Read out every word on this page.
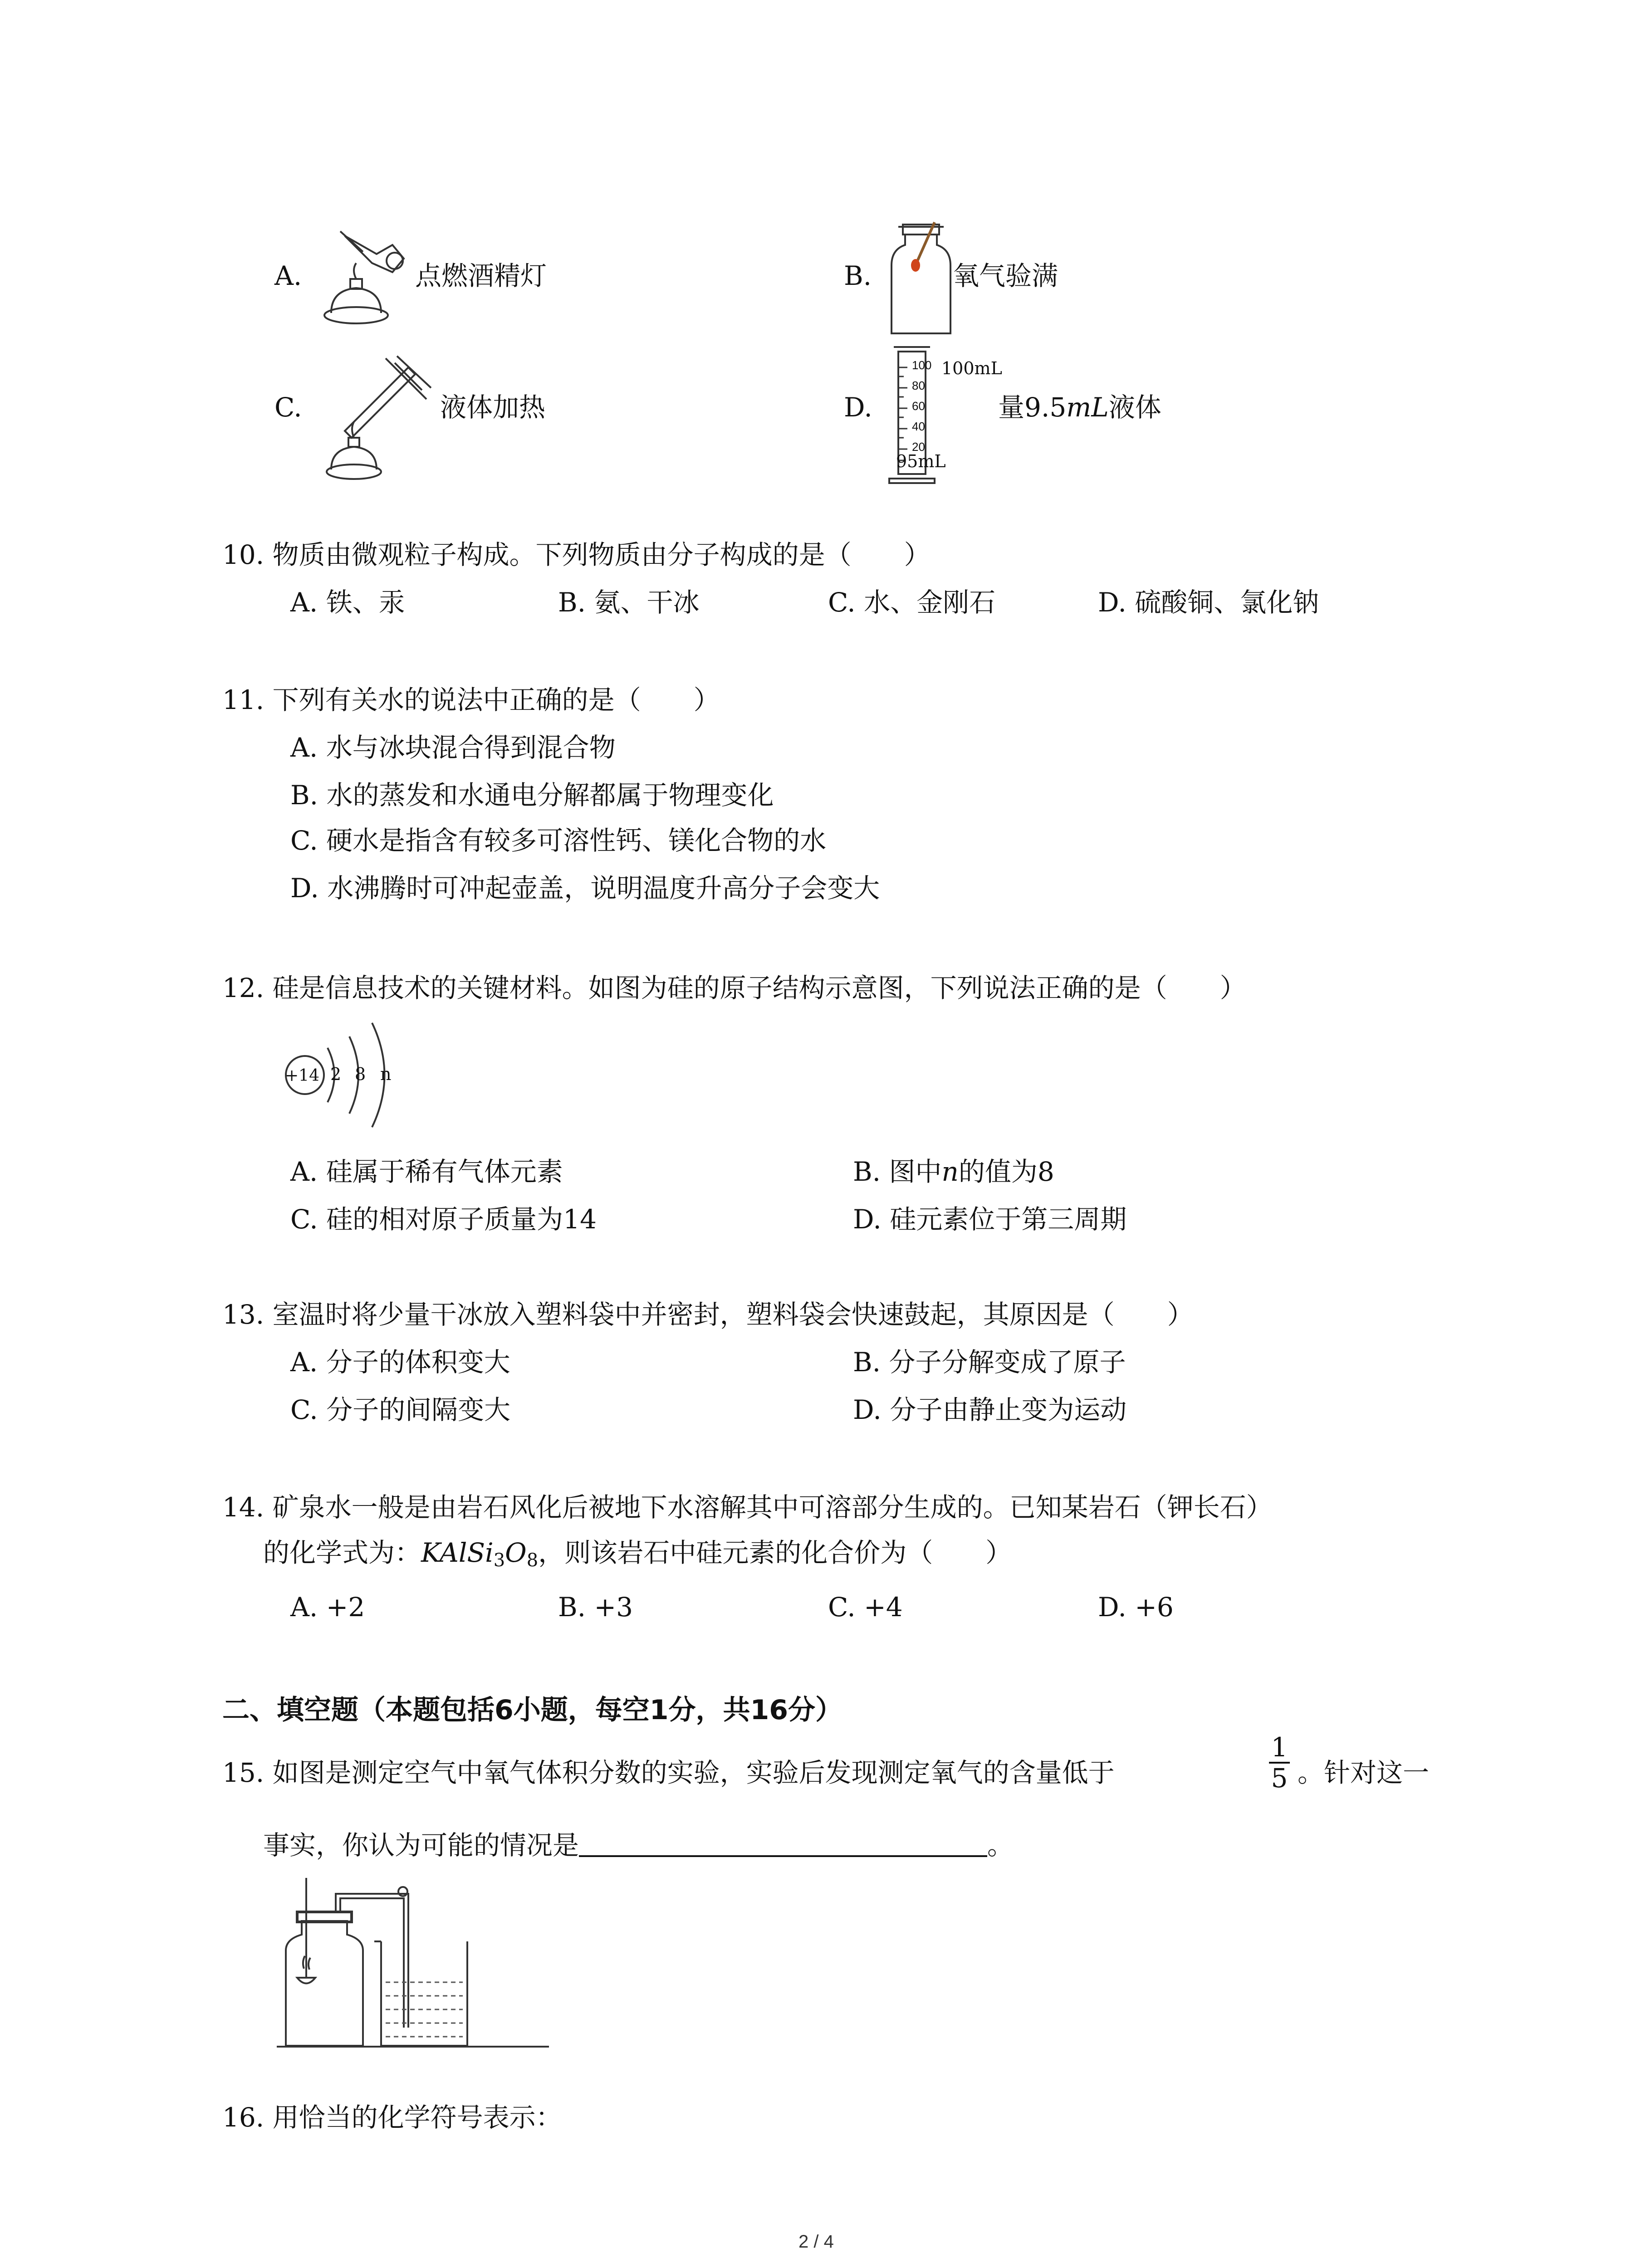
A.	点燃酒精灯	B.	氧气验满
C.	液体加热	D.
100
80
60
40
20
100mL
95mL
量9.5mL液体
10. 物质由微观粒子构成。下列物质由分子构成的是（　　）
A. 铁、汞	B. 氨、干冰	C. 水、金刚石	D. 硫酸铜、氯化钠
11. 下列有关水的说法中正确的是（　　）
A. 水与冰块混合得到混合物
B. 水的蒸发和水通电分解都属于物理变化
C. 硬水是指含有较多可溶性钙、镁化合物的水
D. 水沸腾时可冲起壶盖，说明温度升高分子会变大
12. 硅是信息技术的关键材料。如图为硅的原子结构示意图，下列说法正确的是（　　）
+14 2 8 n
A. 硅属于稀有气体元素	B. 图中n的值为8
C. 硅的相对原子质量为14	D. 硅元素位于第三周期
13. 室温时将少量干冰放入塑料袋中并密封，塑料袋会快速鼓起，其原因是（　　）
A. 分子的体积变大	B. 分子分解变成了原子
C. 分子的间隔变大	D. 分子由静止变为运动
14. 矿泉水一般是由岩石风化后被地下水溶解其中可溶部分生成的。已知某岩石（钾长石）
的化学式为：$KAlSi_3O_8$，则该岩石中硅元素的化合价为（　　）
A. +2	B. +3	C. +4	D. +6
二、填空题（本题包括6小题，每空1分，共16分）
15. 如图是测定空气中氧气体积分数的实验，实验后发现测定氧气的含量低于
1
5 。针对这一
事实，你认为可能的情况是	。
16. 用恰当的化学符号表示：
2 / 4
